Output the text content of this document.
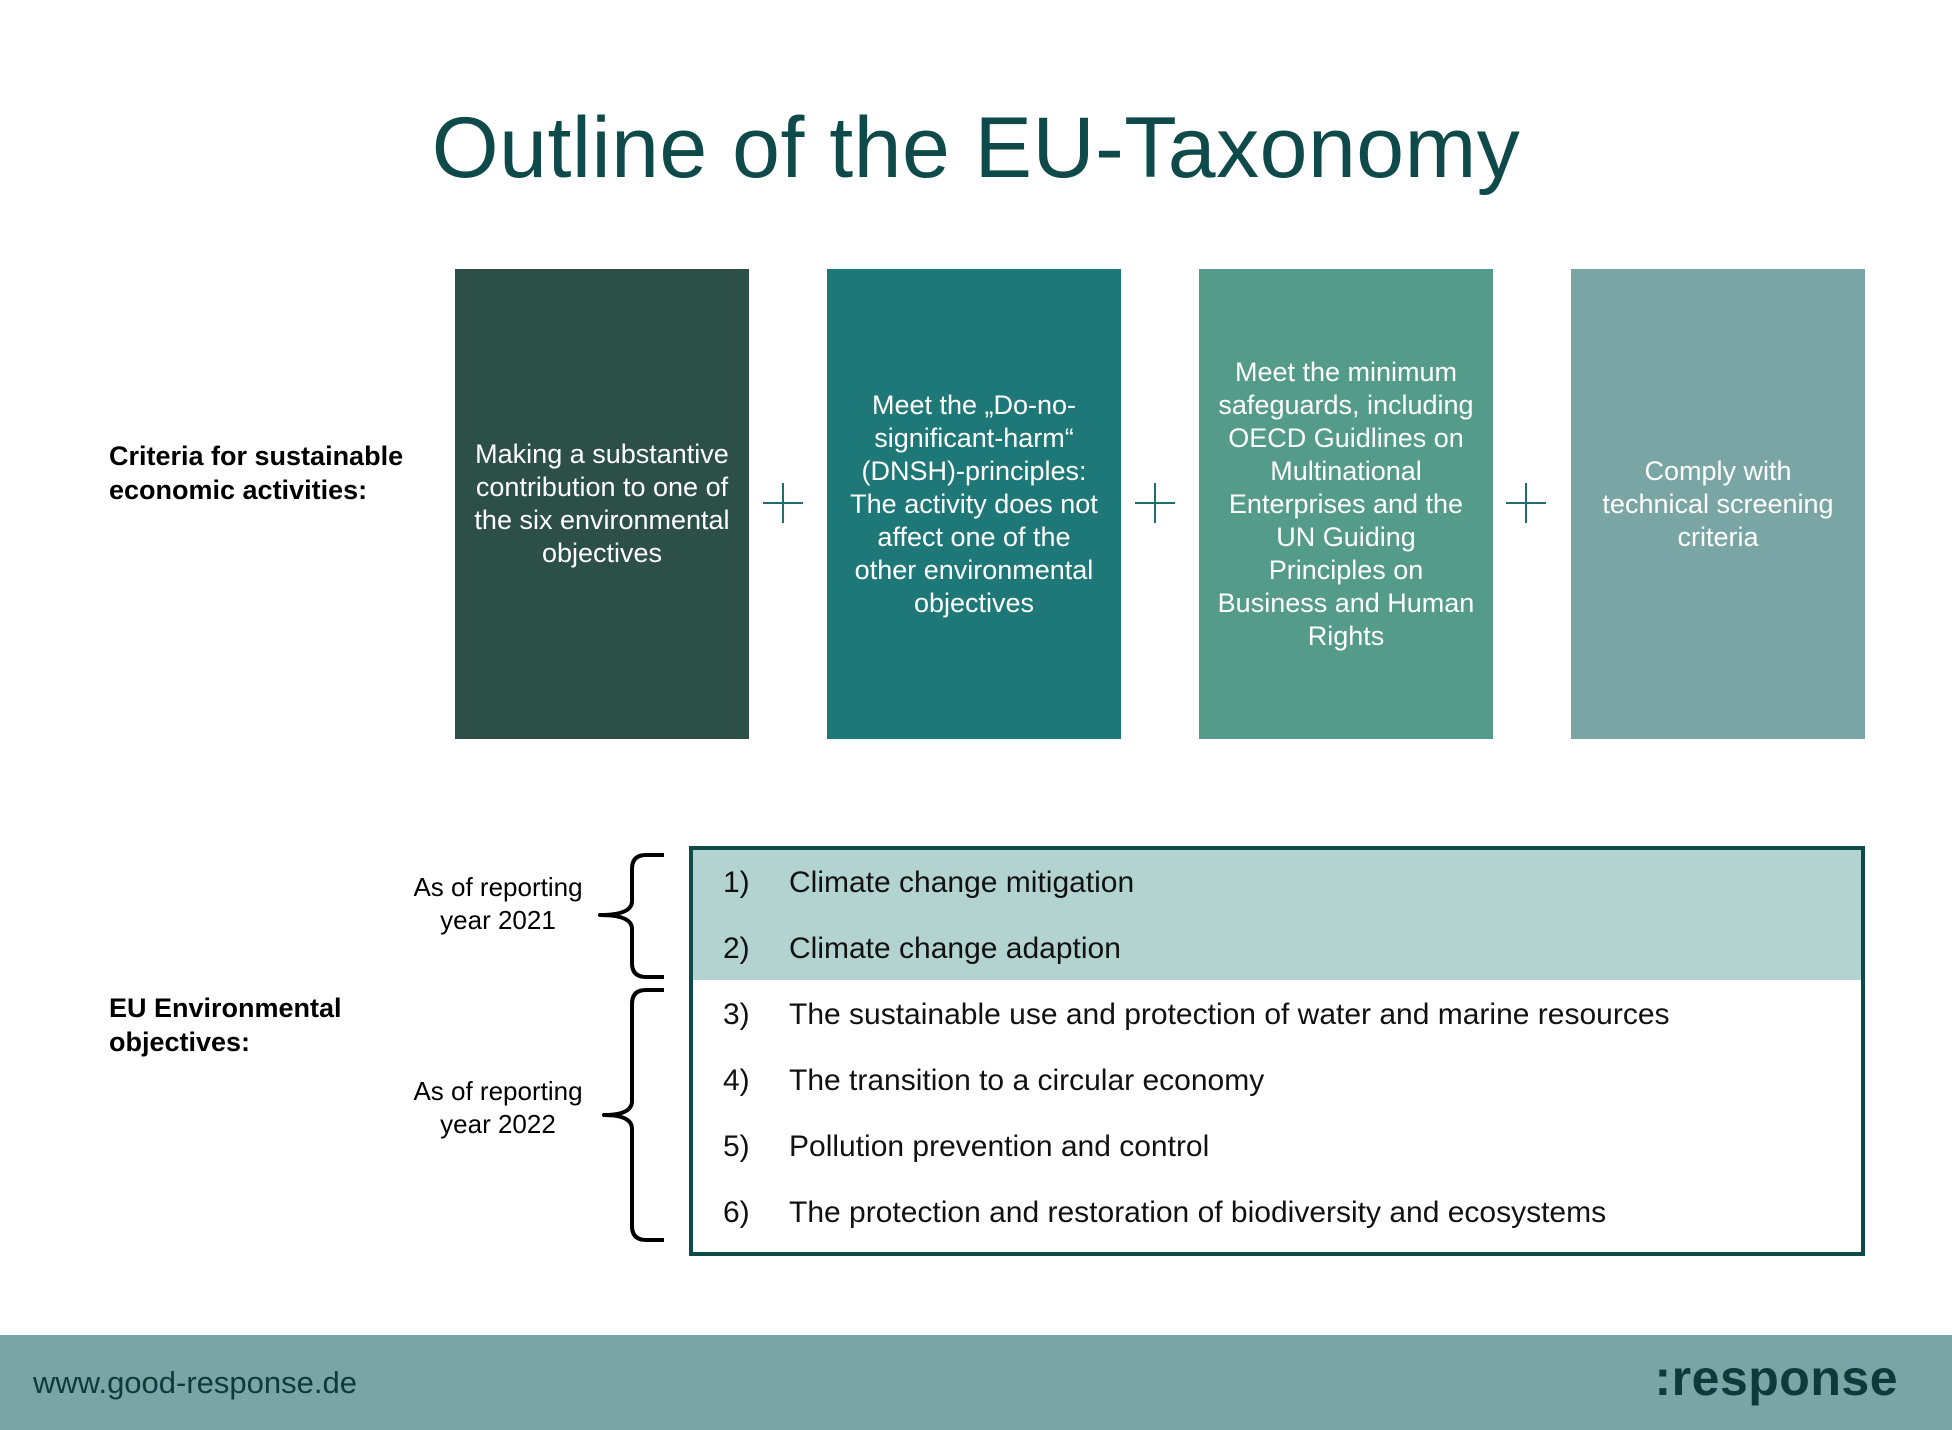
Outline of the EU-Taxonomy
Criteria for sustainable economic activities:
Making a substantive contribution to one of the six environmental objectives
Meet the „Do-no-significant-harm“ (DNSH)-principles: The activity does not affect one of the other environmental objectives
Meet the minimum safeguards, including OECD Guidlines on Multinational Enterprises and the UN Guiding Principles on Business and Human Rights
Comply with technical screening criteria
EU Environmental objectives:
As of reporting year 2021
As of reporting year 2022
1) Climate change mitigation
2) Climate change adaption
3) The sustainable use and protection of water and marine resources
4) The transition to a circular economy
5) Pollution prevention and control
6) The protection and restoration of biodiversity and ecosystems
www.good-response.de	:response
